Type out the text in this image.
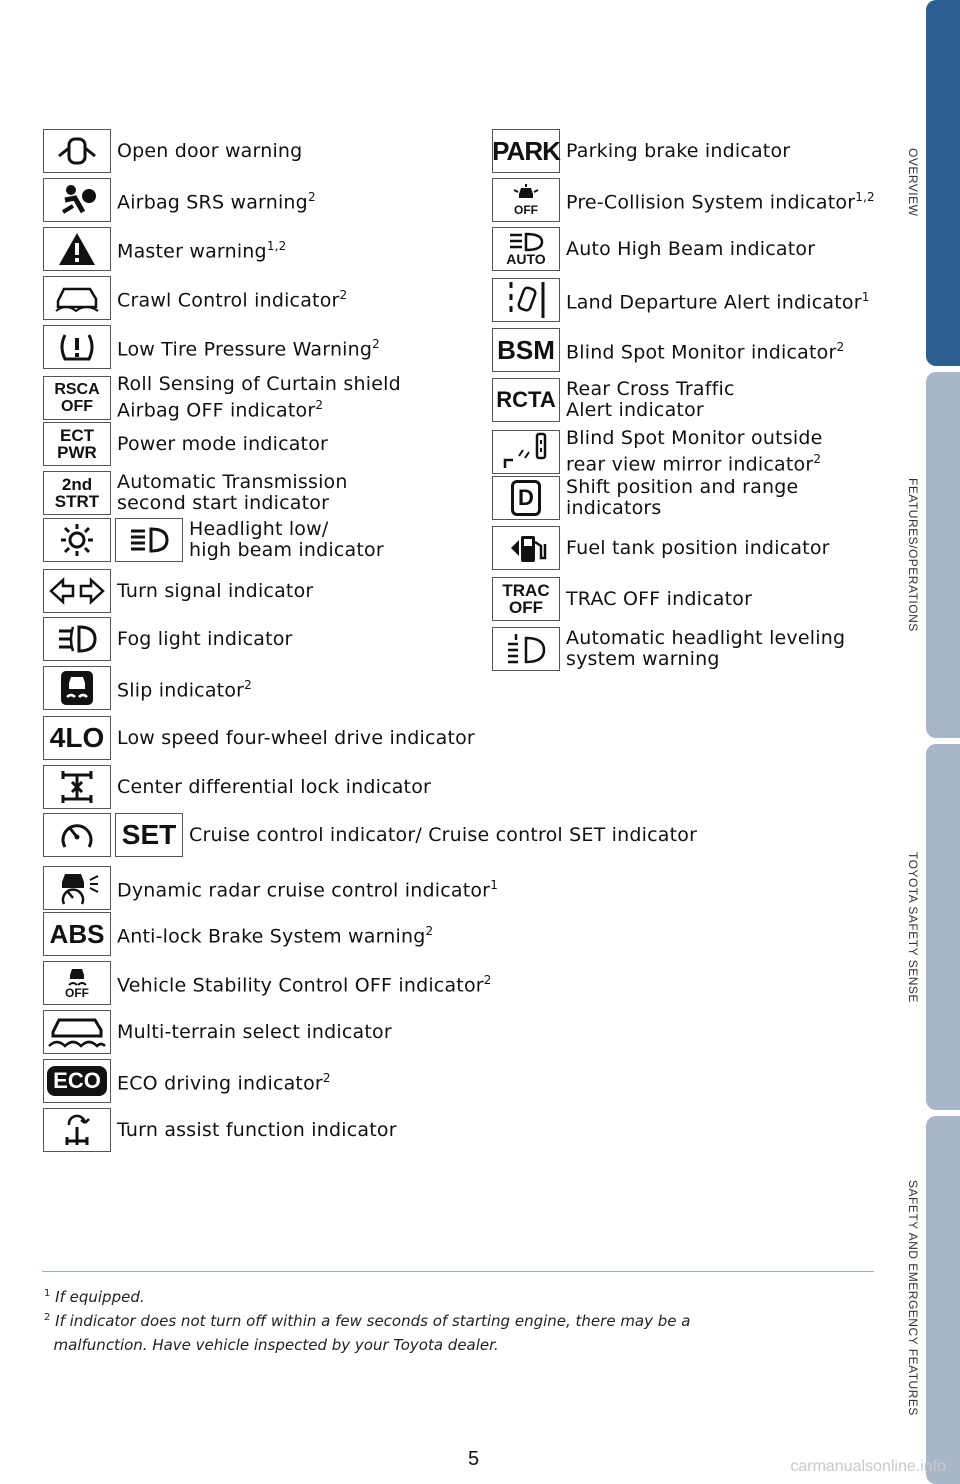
OVERVIEW
FEATURES/OPERATIONS
TOYOTA SAFETY SENSE
SAFETY AND EMERGENCY FEATURES
Open door warning
Airbag SRS warning$^2$
Master warning$^{1,2}$
Crawl Control indicator$^2$
Low Tire Pressure Warning$^2$
RSCA
OFF
Roll Sensing of Curtain shield
Airbag OFF indicator$^2$
ECT
PWR Power mode indicator
2nd
STRT
Automatic Transmission
second start indicator
Headlight low/
high beam indicator
Turn signal indicator
Fog light indicator
Slip indicator$^2$
4LO Low speed four-wheel drive indicator
Center differential lock indicator
SET Cruise control indicator/ Cruise control SET indicator
Dynamic radar cruise control indicator$^1$
ABS Anti-lock Brake System warning$^2$
OFF Vehicle Stability Control OFF indicator$^2$
Multi-terrain select indicator
ECO ECO driving indicator$^2$
Turn assist function indicator
PARK Parking brake indicator
OFF Pre-Collision System indicator$^{1,2}$
AUTO Auto High Beam indicator
Land Departure Alert indicator$^1$
BSM Blind Spot Monitor indicator$^2$
RCTA Rear Cross Traffic
Alert indicator
Blind Spot Monitor outside
rear view mirror indicator$^2$
D Shift position and range
indicators
Fuel tank position indicator
TRAC
OFF	TRAC OFF indicator
Automatic headlight leveling
system warning
$^1$ If equipped.
$^2$ If indicator does not turn off within a few seconds of starting engine, there may be a
malfunction. Have vehicle inspected by your Toyota dealer.
5	carmanualsonline.info
